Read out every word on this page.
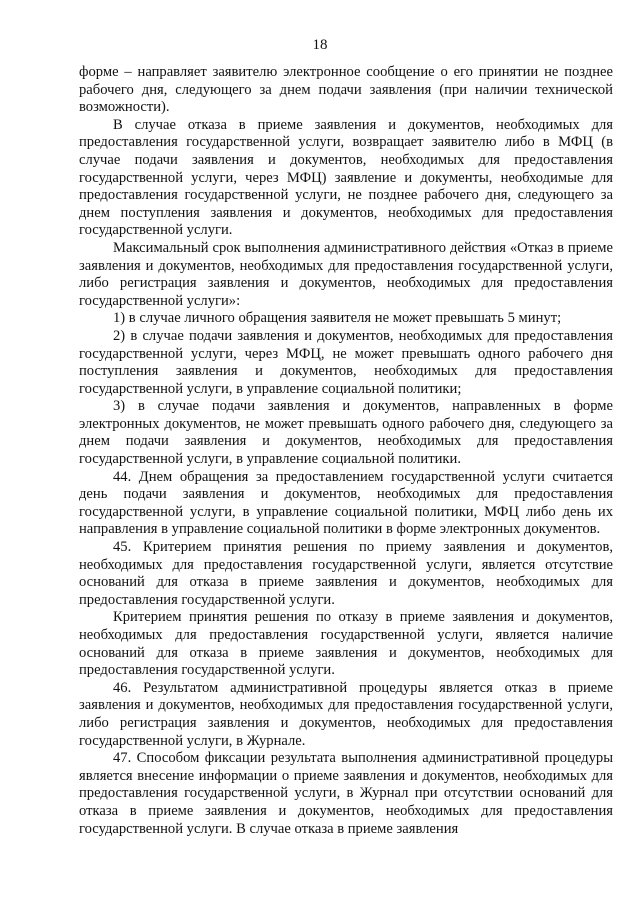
18

форме – направляет заявителю электронное сообщение о его принятии не позднее рабочего дня, следующего за днем подачи заявления (при наличии технической возможности).

В случае отказа в приеме заявления и документов, необходимых для предоставления государственной услуги, возвращает заявителю либо в МФЦ (в случае подачи заявления и документов, необходимых для предоставления государственной услуги, через МФЦ) заявление и документы, необходимые для предоставления государственной услуги, не позднее рабочего дня, следующего за днем поступления заявления и документов, необходимых для предоставления государственной услуги.

Максимальный срок выполнения административного действия «Отказ в приеме заявления и документов, необходимых для предоставления государственной услуги, либо регистрация заявления и документов, необходимых для предоставления государственной услуги»:

1) в случае личного обращения заявителя не может превышать 5 минут;

2) в случае подачи заявления и документов, необходимых для предоставления государственной услуги, через МФЦ, не может превышать одного рабочего дня поступления заявления и документов, необходимых для предоставления государственной услуги, в управление социальной политики;

3) в случае подачи заявления и документов, направленных в форме электронных документов, не может превышать одного рабочего дня, следующего за днем подачи заявления и документов, необходимых для предоставления государственной услуги, в управление социальной политики.

44. Днем обращения за предоставлением государственной услуги считается день подачи заявления и документов, необходимых для предоставления государственной услуги, в управление социальной политики, МФЦ либо день их направления в управление социальной политики в форме электронных документов.

45. Критерием принятия решения по приему заявления и документов, необходимых для предоставления государственной услуги, является отсутствие оснований для отказа в приеме заявления и документов, необходимых для предоставления государственной услуги.

Критерием принятия решения по отказу в приеме заявления и документов, необходимых для предоставления государственной услуги, является наличие оснований для отказа в приеме заявления и документов, необходимых для предоставления государственной услуги.

46. Результатом административной процедуры является отказ в приеме заявления и документов, необходимых для предоставления государственной услуги, либо регистрация заявления и документов, необходимых для предоставления государственной услуги, в Журнале.

47. Способом фиксации результата выполнения административной процедуры является внесение информации о приеме заявления и документов, необходимых для предоставления государственной услуги, в Журнал при отсутствии оснований для отказа в приеме заявления и документов, необходимых для предоставления государственной услуги. В случае отказа в приеме заявления
